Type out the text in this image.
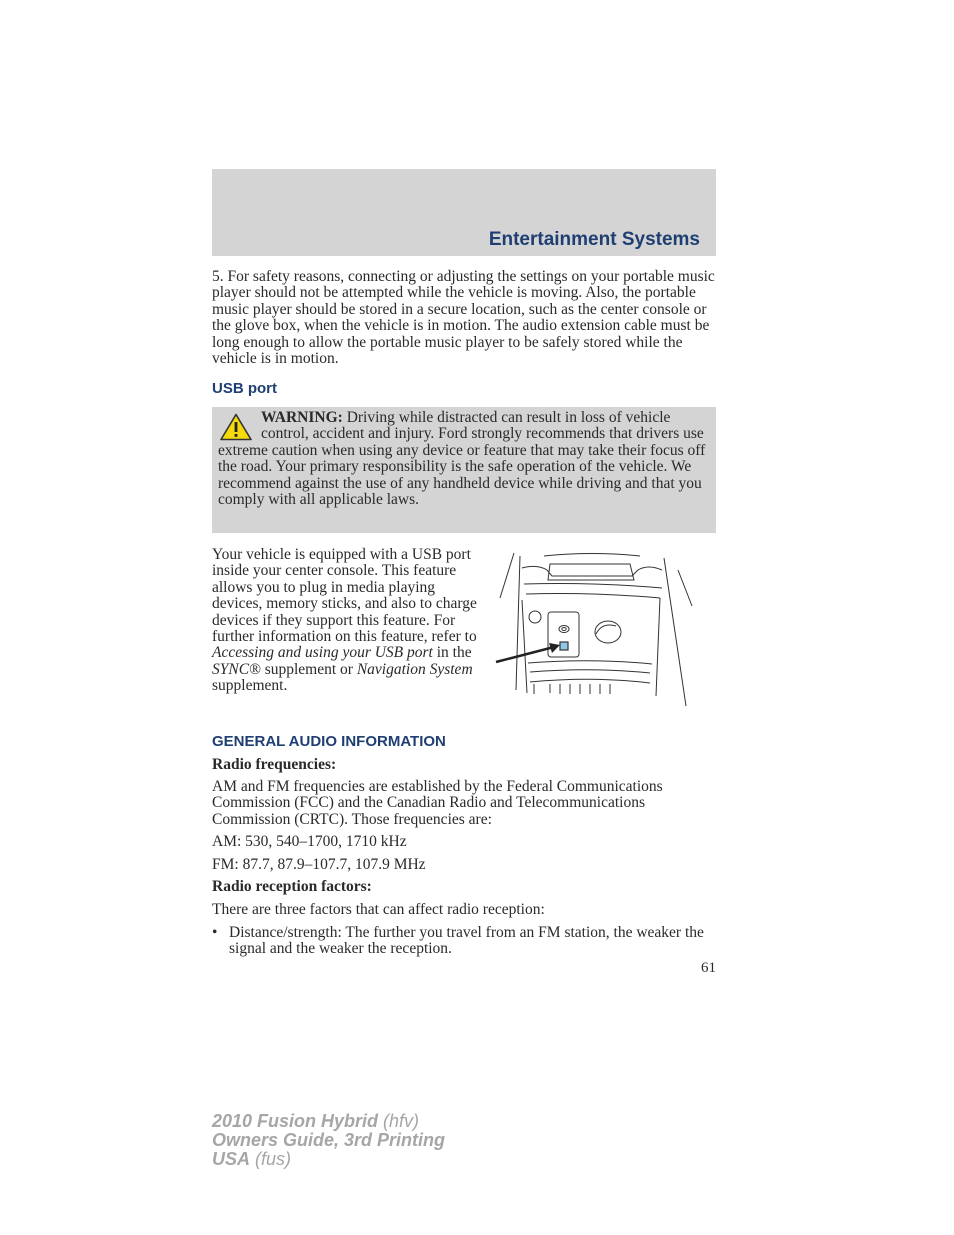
Entertainment Systems

5. For safety reasons, connecting or adjusting the settings on your portable music player should not be attempted while the vehicle is moving. Also, the portable music player should be stored in a secure location, such as the center console or the glove box, when the vehicle is in motion. The audio extension cable must be long enough to allow the portable music player to be safely stored while the vehicle is in motion.

USB port

WARNING: Driving while distracted can result in loss of vehicle control, accident and injury. Ford strongly recommends that drivers use extreme caution when using any device or feature that may take their focus off the road. Your primary responsibility is the safe operation of the vehicle. We recommend against the use of any handheld device while driving and that you comply with all applicable laws.

Your vehicle is equipped with a USB port inside your center console. This feature allows you to plug in media playing devices, memory sticks, and also to charge devices if they support this feature. For further information on this feature, refer to Accessing and using your USB port in the SYNC® supplement or Navigation System supplement.

GENERAL AUDIO INFORMATION
Radio frequencies:

AM and FM frequencies are established by the Federal Communications Commission (FCC) and the Canadian Radio and Telecommunications Commission (CRTC). Those frequencies are:

AM: 530, 540–1700, 1710 kHz
FM: 87.7, 87.9–107.7, 107.9 MHz
Radio reception factors:
There are three factors that can affect radio reception:
• Distance/strength: The further you travel from an FM station, the weaker the signal and the weaker the reception.
61
2010 Fusion Hybrid (hfv)
Owners Guide, 3rd Printing
USA (fus)
